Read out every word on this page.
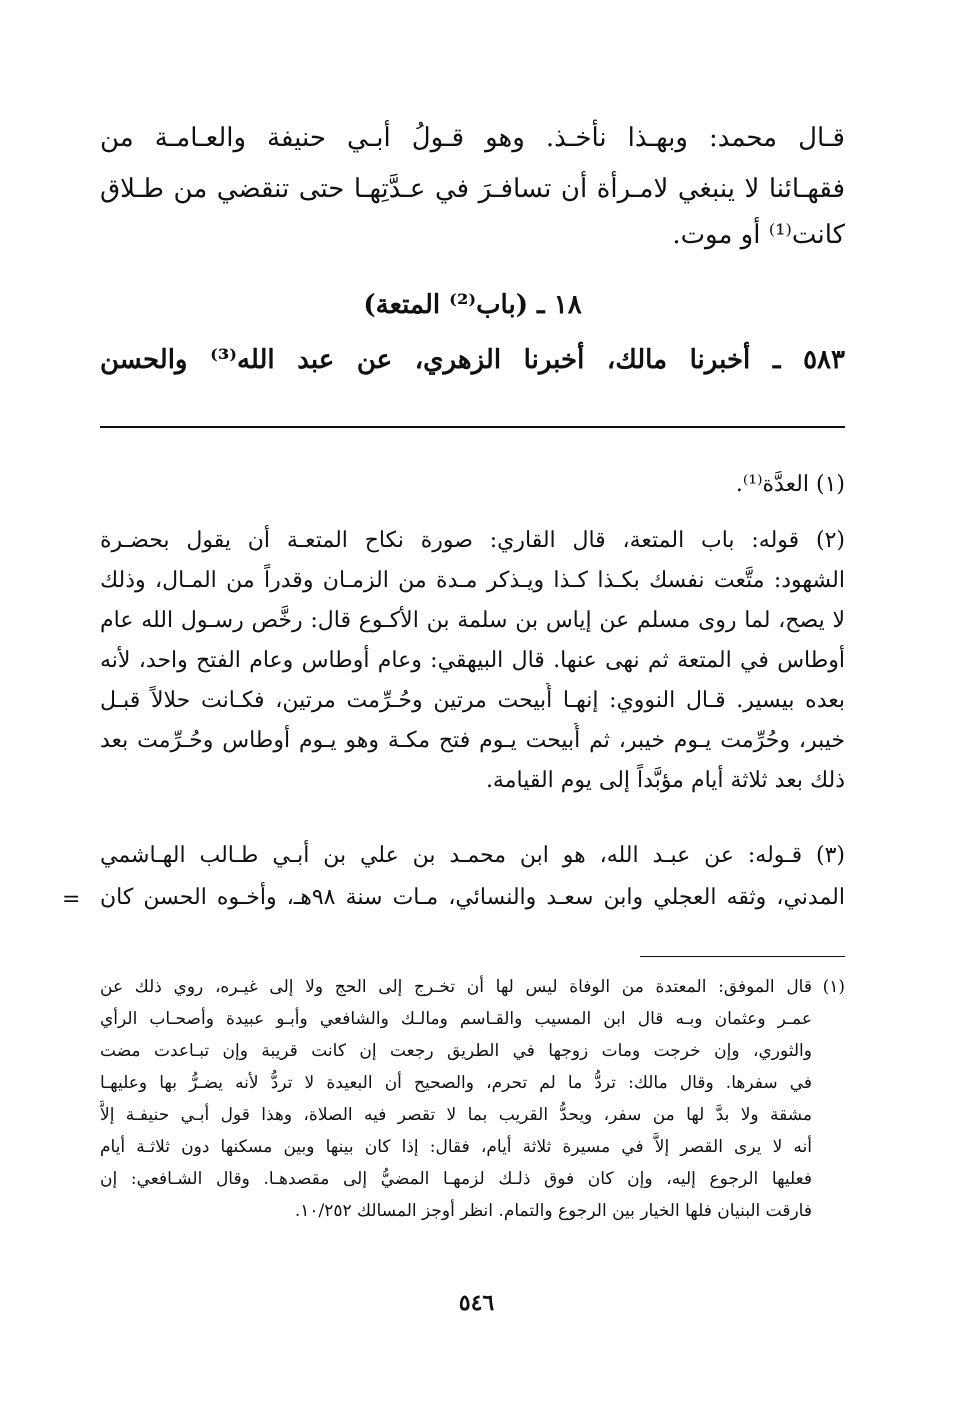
قـال محمد: وبهـذا نأخـذ. وهو قـولُ أبـي حنيفة والعـامـة من
فقهـائنا لا ينبغي لامـرأة أن تسافـرَ في عـدَّتِهـا حتى تنقضي من طـلاق
كانت⁽¹⁾ أو موت.
١٨ ـ (باب⁽²⁾ المتعة)
٥٨٣ ـ أخبرنا مالك، أخبرنا الزهري، عن عبد الله⁽³⁾ والحسن
(١) العدَّة⁽¹⁾.
(٢) قوله: باب المتعة، قال القاري: صورة نكاح المتعـة أن يقول بحضـرة
الشهود: متَّعت نفسك بكـذا كـذا ويـذكر مـدة من الزمـان وقدراً من المـال، وذلك
لا يصح، لما روى مسلم عن إياس بن سلمة بن الأكـوع قال: رخَّص رسـول الله عام
أوطاس في المتعة ثم نهى عنها. قال البيهقي: وعام أوطاس وعام الفتح واحد، لأنه
بعده بيسير. قـال النووي: إنهـا أُبيحت مرتين وحُـرِّمت مرتين، فكـانت حلالاً قبـل
خيبر، وحُرِّمت يـوم خيبر، ثم أُبيحت يـوم فتح مكـة وهو يـوم أوطاس وحُـرِّمت بعد
ذلك بعد ثلاثة أيام مؤبَّداً إلى يوم القيامة.
(٣) قـوله: عن عبـد الله، هو ابن محمـد بن علي بن أبـي طـالب الهـاشمي
المدني، وثقه العجلي وابن سعـد والنسائي، مـات سنة ٩٨هـ، وأخـوه الحسن كان
=
(١)
قال الموفق: المعتدة من الوفاة ليس لها أن تخـرج إلى الحج ولا إلى غيـره، روي ذلك عن
عمـر وعثمان وبـه قال ابن المسيب والقـاسم ومالـك والشافعي وأبـو عبيدة وأصحـاب الرأي
والثوري، وإن خرجت ومات زوجها في الطريق رجعت إن كانت قريبة وإن تبـاعدت مضت
في سفرها. وقال مالك: تردُّ ما لم تحرم، والصحيح أن البعيدة لا تردُّ لأنه يضـرُّ بها وعليهـا
مشقة ولا بدَّ لها من سفر، ويحدُّ القريب بما لا تقصر فيه الصلاة، وهذا قول أبـي حنيفـة إلاَّ
أنه لا يرى القصر إلاَّ في مسيرة ثلاثة أيام، فقال: إذا كان بينها وبين مسكنها دون ثلاثـة أيام
فعليها الرجوع إليه، وإن كان فوق ذلـك لزمهـا المضيُّ إلى مقصدهـا. وقال الشـافعي: إن
فارقت البنيان فلها الخيار بين الرجوع والتمام. انظر أوجز المسالك ١٠/٢٥٢.
٥٤٦
